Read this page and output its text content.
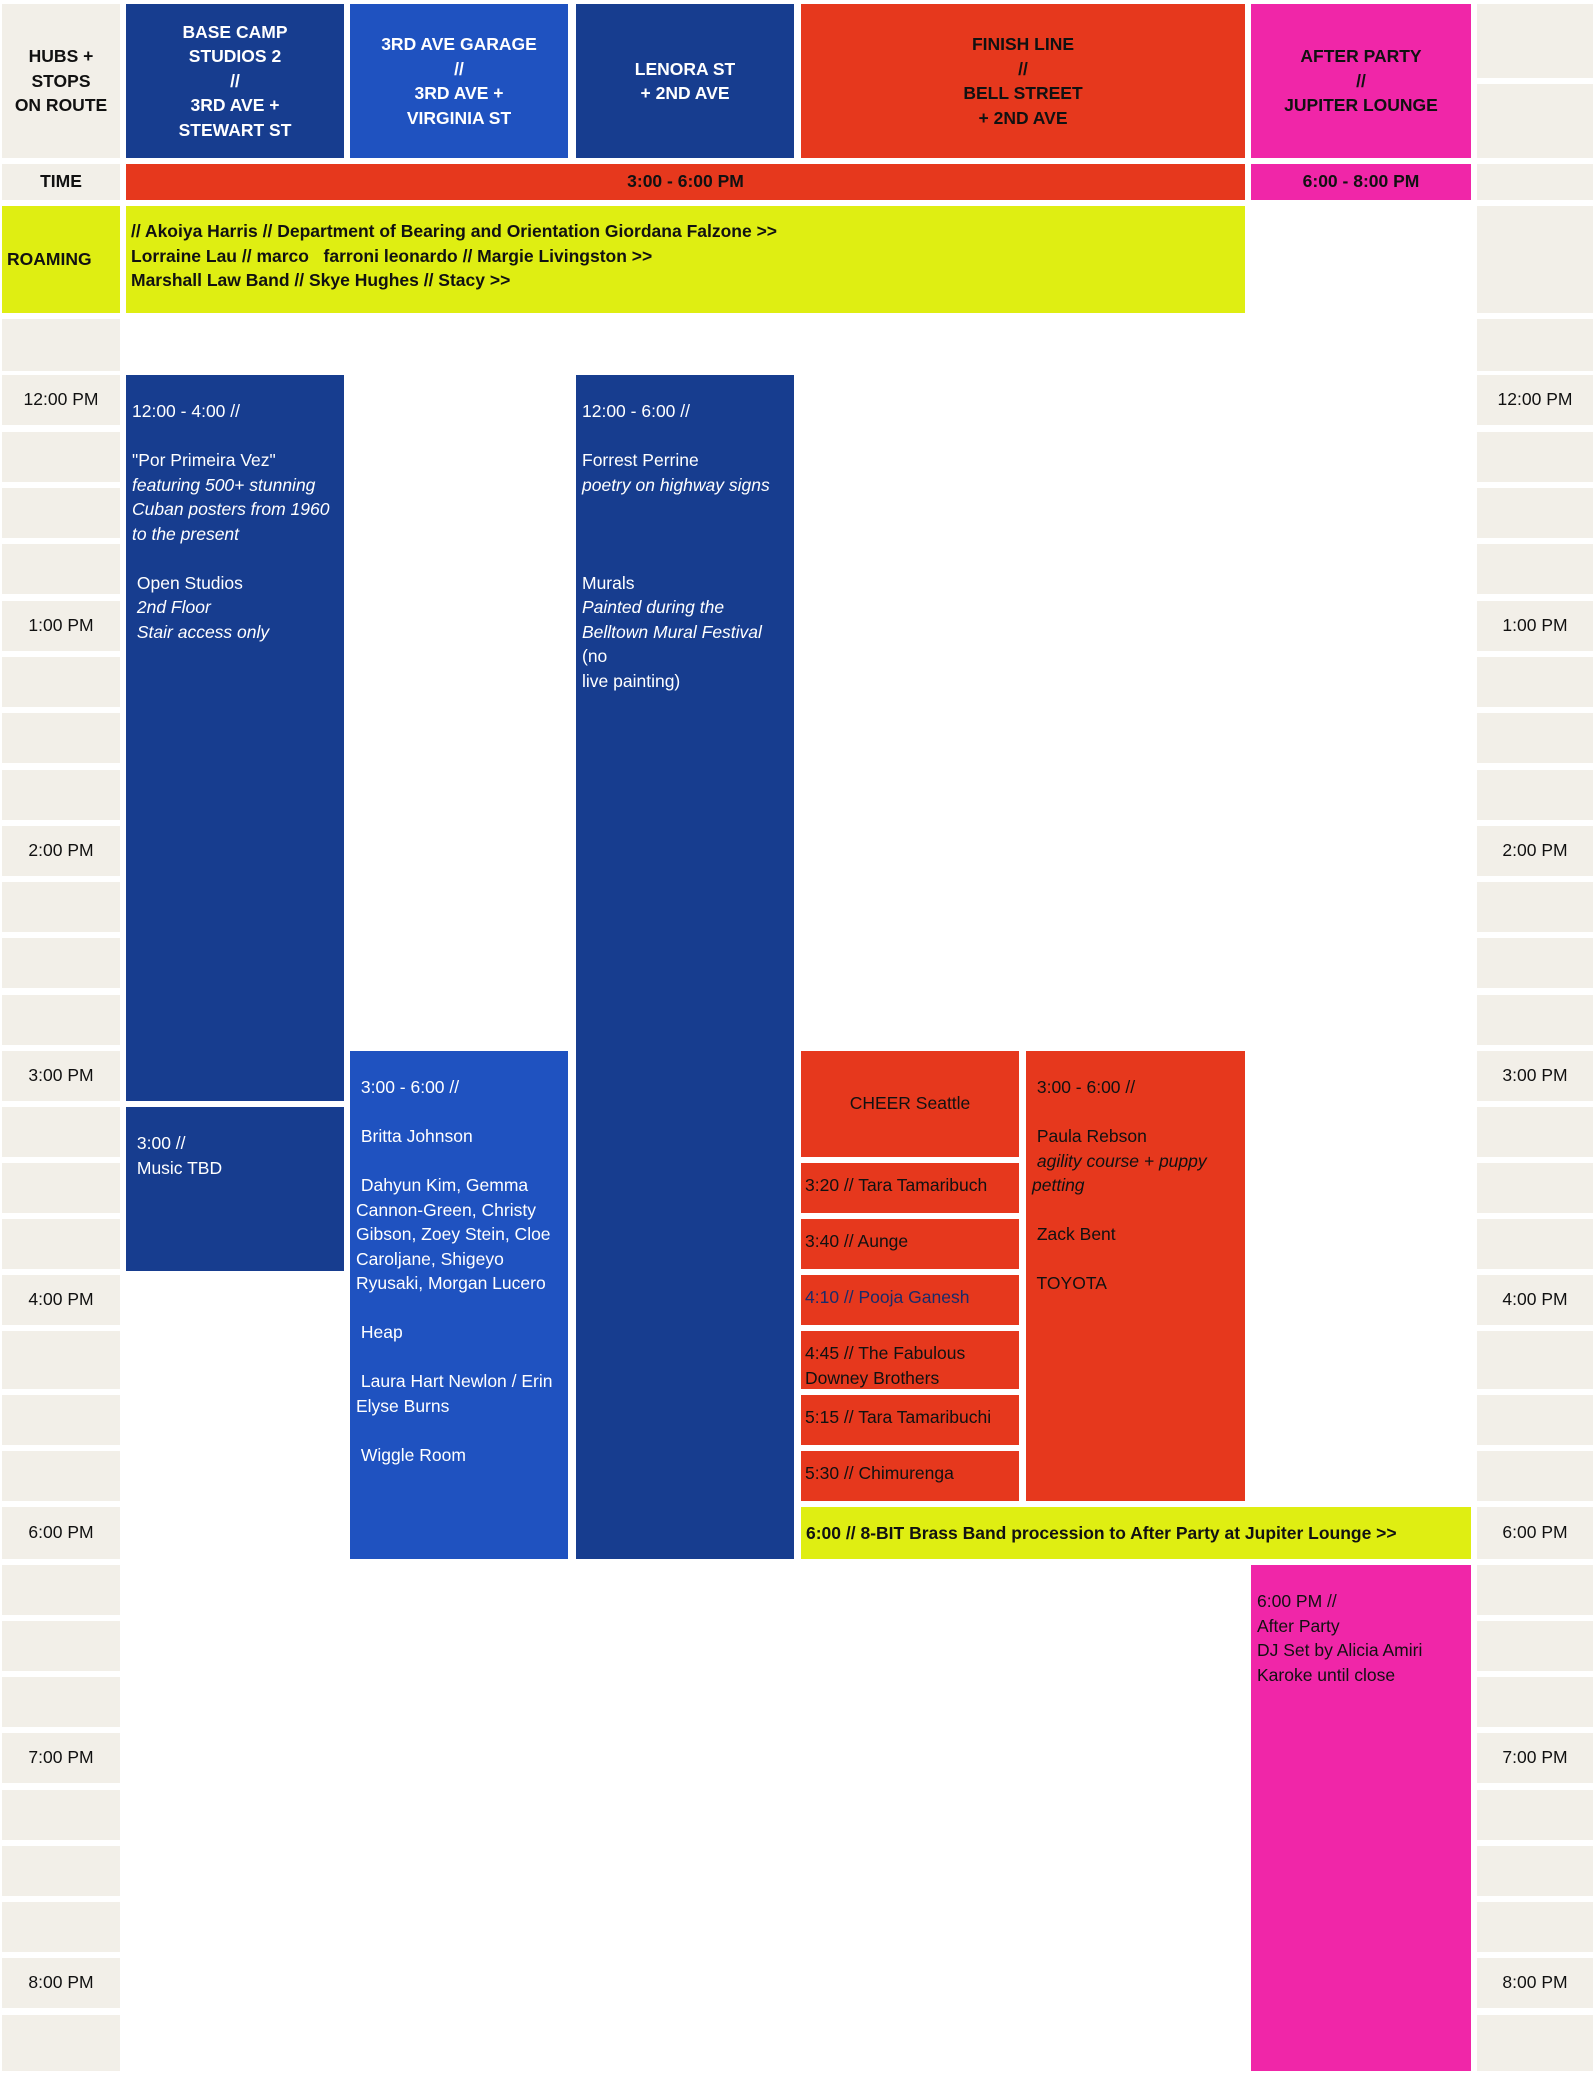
12:00 PM
1:00 PM
2:00 PM
3:00 PM
4:00 PM
6:00 PM
7:00 PM
8:00 PM
12:00 PM
1:00 PM
2:00 PM
3:00 PM
4:00 PM
6:00 PM
7:00 PM
8:00 PM
HUBS +
STOPS
ON ROUTE
BASE CAMP
STUDIOS 2
//
3RD AVE +
STEWART ST
3RD AVE GARAGE
//
3RD AVE +
VIRGINIA ST
LENORA ST
+ 2ND AVE
FINISH LINE
//
BELL STREET
+ 2ND AVE
AFTER PARTY
//
JUPITER LOUNGE
TIME	3:00 - 6:00 PM	6:00 - 8:00 PM
ROAMING
// Akoiya Harris // Department of Bearing and Orientation Giordana Falzone >>
Lorraine Lau // marco   farroni leonardo // Margie Livingston >>
Marshall Law Band // Skye Hughes // Stacy >>
12:00 - 4:00 //
"Por Primeira Vez"
featuring 500+ stunning
Cuban posters from 1960
to the present
Open Studios
2nd Floor
Stair access only
3:00 //
Music TBD
3:00 - 6:00 //
Britta Johnson
Dahyun Kim, Gemma Cannon-Green, Christy Gibson, Zoey Stein, Cloe Caroljane, Shigeyo Ryusaki, Morgan Lucero
Heap
Laura Hart Newlon / Erin Elyse Burns
Wiggle Room
12:00 - 6:00 //
Forrest Perrine
poetry on highway signs
Murals
Painted during the
Belltown Mural Festival (no
live painting)
CHEER Seattle
3:20 // Tara Tamaribuch
3:40 // Aunge
4:10 // Pooja Ganesh
4:45 // The Fabulous Downey Brothers
5:15 // Tara Tamaribuchi
5:30 // Chimurenga
3:00 - 6:00 //
Paula Rebson
agility course + puppy petting
Zack Bent
TOYOTA
6:00 // 8-BIT Brass Band procession to After Party at Jupiter Lounge >>
6:00 PM //
After Party
DJ Set by Alicia Amiri
Karoke until close
